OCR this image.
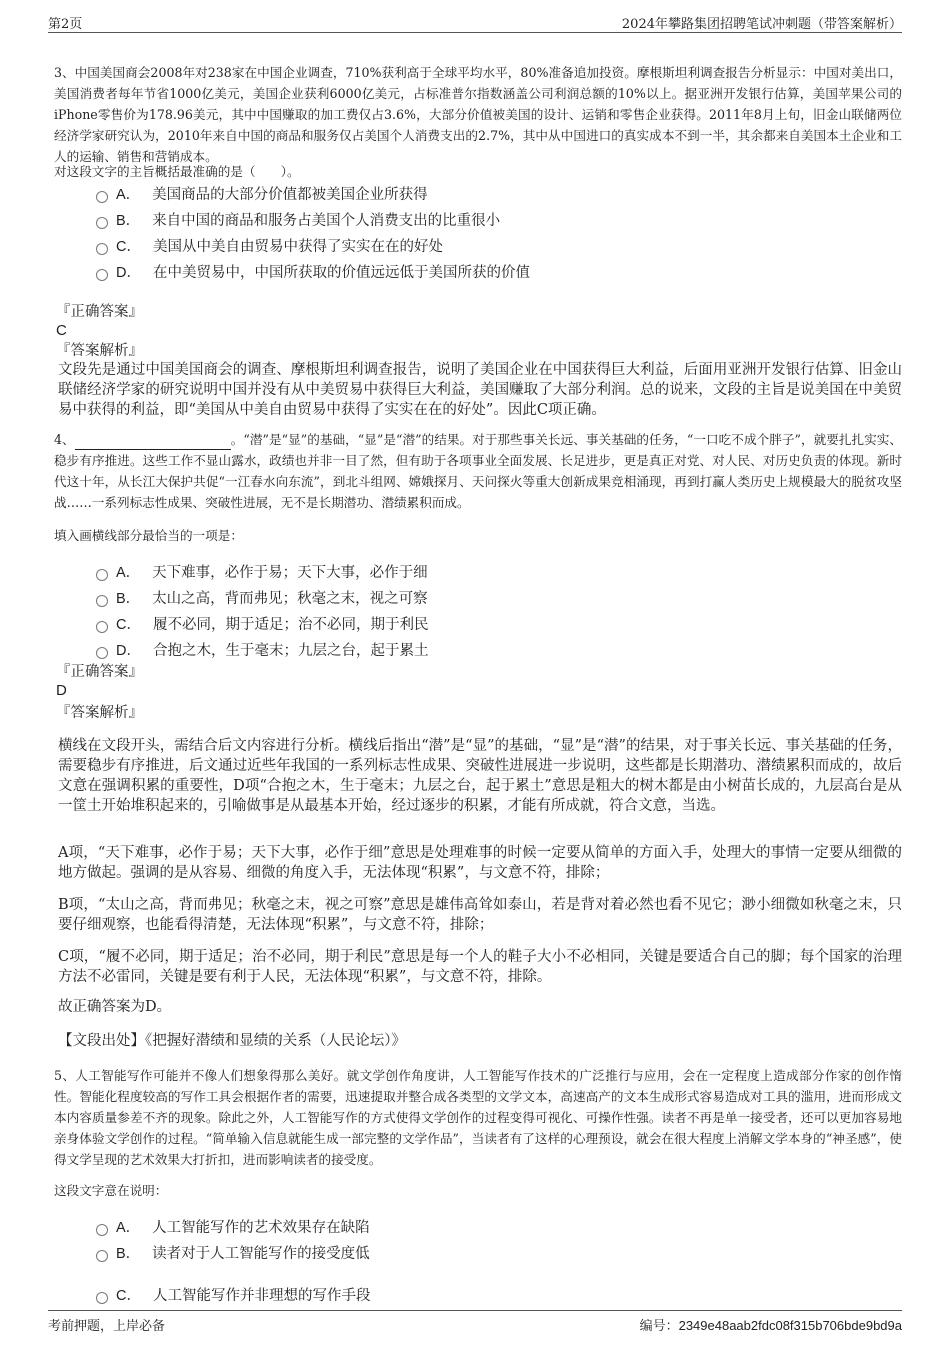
第2页	2024年攀路集团招聘笔试冲刺题（带答案解析）
3、中国美国商会2008年对238家在中国企业调查，710%获利高于全球平均水平，80%准备追加投资。摩根斯坦利调查报告分析显示：中国对美出口，美国消费者每年节省1000亿美元，美国企业获利6000亿美元，占标准普尔指数涵盖公司利润总额的10%以上。据亚洲开发银行估算，美国苹果公司的iPhone零售价为178.96美元，其中中国赚取的加工费仅占3.6%，大部分价值被美国的设计、运销和零售企业获得。2011年8月上旬，旧金山联储两位经济学家研究认为，2010年来自中国的商品和服务仅占美国个人消费支出的2.7%，其中从中国进口的真实成本不到一半，其余都来自美国本土企业和工人的运输、销售和营销成本。
对这段文字的主旨概括最准确的是（　　）。
A． 美国商品的大部分价值都被美国企业所获得
B． 来自中国的商品和服务占美国个人消费支出的比重很小
C． 美国从中美自由贸易中获得了实实在在的好处
D． 在中美贸易中，中国所获取的价值远远低于美国所获的价值
『正确答案』
C
『答案解析』
文段先是通过中国美国商会的调查、摩根斯坦利调查报告，说明了美国企业在中国获得巨大利益，后面用亚洲开发银行估算、旧金山联储经济学家的研究说明中国并没有从中美贸易中获得巨大利益，美国赚取了大部分利润。总的说来，文段的主旨是说美国在中美贸易中获得的利益，即“美国从中美自由贸易中获得了实实在在的好处”。因此C项正确。
4、	。“潜”是“显”的基础，“显”是“潜”的结果。对于那些事关长远、事关基础的任务，“一口吃不成个胖子”，就要扎扎实实、稳步有序推进。这些工作不显山露水，政绩也并非一目了然，但有助于各项事业全面发展、长足进步，更是真正对党、对人民、对历史负责的体现。新时代这十年，从长江大保护共促“一江春水向东流”，到北斗组网、嫦娥探月、天问探火等重大创新成果竞相涌现，再到打赢人类历史上规模最大的脱贫攻坚战……一系列标志性成果、突破性进展，无不是长期潜功、潜绩累积而成。
填入画横线部分最恰当的一项是：
A． 天下难事，必作于易；天下大事，必作于细
B． 太山之高，背而弗见；秋毫之末，视之可察
C． 履不必同，期于适足；治不必同，期于利民
D． 合抱之木，生于毫末；九层之台，起于累土
『正确答案』
D
『答案解析』
横线在文段开头，需结合后文内容进行分析。横线后指出“潜”是“显”的基础，“显”是“潜”的结果，对于事关长远、事关基础的任务，需要稳步有序推进，后文通过近些年我国的一系列标志性成果、突破性进展进一步说明，这些都是长期潜功、潜绩累积而成的，故后文意在强调积累的重要性，D项“合抱之木，生于毫末；九层之台，起于累土”意思是粗大的树木都是由小树苗长成的，九层高台是从一筐土开始堆积起来的，引喻做事是从最基本开始，经过逐步的积累，才能有所成就，符合文意，当选。
A项，“天下难事，必作于易；天下大事，必作于细”意思是处理难事的时候一定要从简单的方面入手，处理大的事情一定要从细微的地方做起。强调的是从容易、细微的角度入手，无法体现“积累”，与文意不符，排除；
B项，“太山之高，背而弗见；秋毫之末，视之可察”意思是雄伟高耸如泰山，若是背对着必然也看不见它；渺小细微如秋毫之末，只要仔细观察，也能看得清楚，无法体现“积累”，与文意不符，排除；
C项，“履不必同，期于适足；治不必同，期于利民”意思是每一个人的鞋子大小不必相同，关键是要适合自己的脚；每个国家的治理方法不必雷同，关键是要有利于人民，无法体现“积累”，与文意不符，排除。
故正确答案为D。
【文段出处】《把握好潜绩和显绩的关系（人民论坛）》
5、人工智能写作可能并不像人们想象得那么美好。就文学创作角度讲，人工智能写作技术的广泛推行与应用，会在一定程度上造成部分作家的创作惰性。智能化程度较高的写作工具会根据作者的需要，迅速提取并整合成各类型的文学文本，高速高产的文本生成形式容易造成对工具的滥用，进而形成文本内容质量参差不齐的现象。除此之外，人工智能写作的方式使得文学创作的过程变得可视化、可操作性强。读者不再是单一接受者，还可以更加容易地亲身体验文学创作的过程。“简单输入信息就能生成一部完整的文学作品”，当读者有了这样的心理预设，就会在很大程度上消解文学本身的“神圣感”，使得文学呈现的艺术效果大打折扣，进而影响读者的接受度。
这段文字意在说明：
A． 人工智能写作的艺术效果存在缺陷
B． 读者对于人工智能写作的接受度低
C． 人工智能写作并非理想的写作手段
考前押题，上岸必备	编号：2349e48aab2fdc08f315b706bde9bd9a
